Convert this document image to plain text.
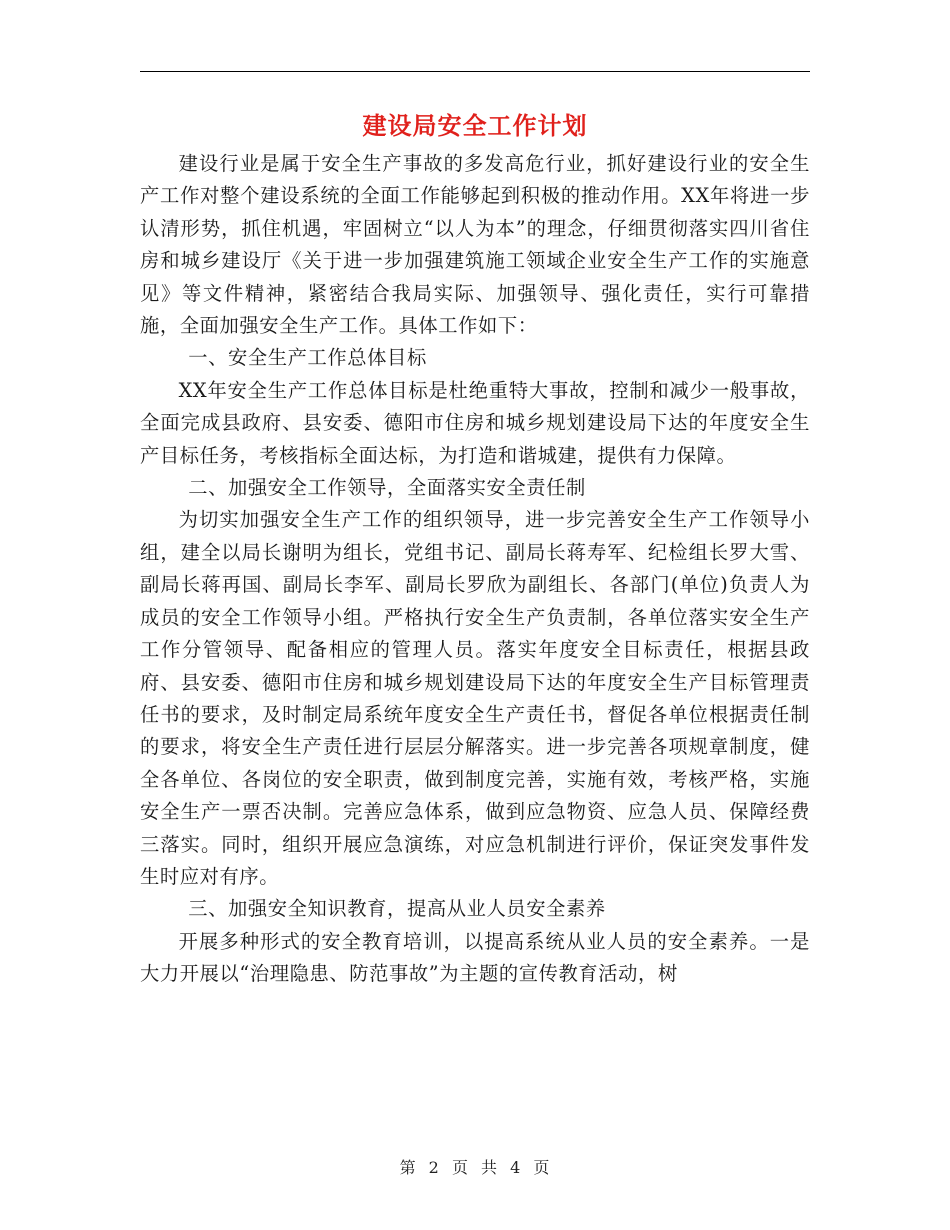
建设局安全工作计划

建设行业是属于安全生产事故的多发高危行业，抓好建设行业的安全生产工作对整个建设系统的全面工作能够起到积极的推动作用。XX年将进一步认清形势，抓住机遇，牢固树立“以人为本”的理念，仔细贯彻落实四川省住房和城乡建设厅《关于进一步加强建筑施工领域企业安全生产工作的实施意见》等文件精神，紧密结合我局实际、加强领导、强化责任，实行可靠措施，全面加强安全生产工作。具体工作如下：

一、安全生产工作总体目标

XX年安全生产工作总体目标是杜绝重特大事故，控制和减少一般事故，全面完成县政府、县安委、德阳市住房和城乡规划建设局下达的年度安全生产目标任务，考核指标全面达标，为打造和谐城建，提供有力保障。

二、加强安全工作领导，全面落实安全责任制

为切实加强安全生产工作的组织领导，进一步完善安全生产工作领导小组，建全以局长谢明为组长，党组书记、副局长蒋寿军、纪检组长罗大雪、副局长蒋再国、副局长李军、副局长罗欣为副组长、各部门(单位)负责人为成员的安全工作领导小组。严格执行安全生产负责制，各单位落实安全生产工作分管领导、配备相应的管理人员。落实年度安全目标责任，根据县政府、县安委、德阳市住房和城乡规划建设局下达的年度安全生产目标管理责任书的要求，及时制定局系统年度安全生产责任书，督促各单位根据责任制的要求，将安全生产责任进行层层分解落实。进一步完善各项规章制度，健全各单位、各岗位的安全职责，做到制度完善，实施有效，考核严格，实施安全生产一票否决制。完善应急体系，做到应急物资、应急人员、保障经费三落实。同时，组织开展应急演练，对应急机制进行评价，保证突发事件发生时应对有序。

三、加强安全知识教育，提高从业人员安全素养

开展多种形式的安全教育培训，以提高系统从业人员的安全素养。一是大力开展以“治理隐患、防范事故”为主题的宣传教育活动，树

第 2 页 共 4 页
